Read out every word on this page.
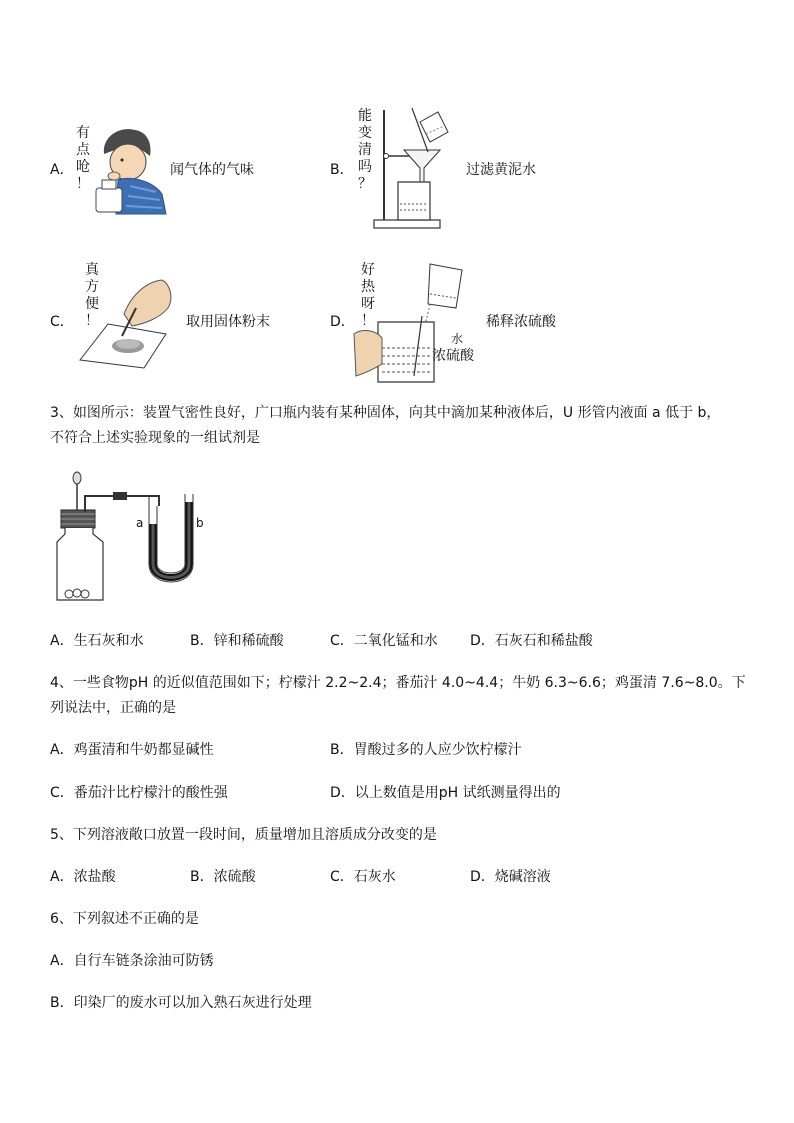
A．
有
点
呛
！
闻气体的气味	B．
能
变
清
吗
？
过滤黄泥水
C．
真
方
便
！	取用固体粉末	D．
好
热
呀
！
水
浓硫酸
稀释浓硫酸
3、如图所示：装置气密性良好，广口瓶内装有某种固体，向其中滴加某种液体后，U 形管内液面 a 低于 b，
不符合上述实验现象的一组试剂是
a	b
A．生石灰和水	B．锌和稀硫酸	C．二氧化锰和水 D．石灰石和稀盐酸
4、一些食物pH 的近似值范围如下；柠檬汁 2.2~2.4；番茄汁 4.0~4.4；牛奶 6.3~6.6；鸡蛋清 7.6~8.0。下
列说法中，正确的是
A．鸡蛋清和牛奶都显碱性	B．胃酸过多的人应少饮柠檬汁
C．番茄汁比柠檬汁的酸性强	D．以上数值是用pH 试纸测量得出的
5、下列溶液敞口放置一段时间，质量增加且溶质成分改变的是
A．浓盐酸	B．浓硫酸	C．石灰水	D．烧碱溶液
6、下列叙述不正确的是
A．自行车链条涂油可防锈
B．印染厂的废水可以加入熟石灰进行处理
